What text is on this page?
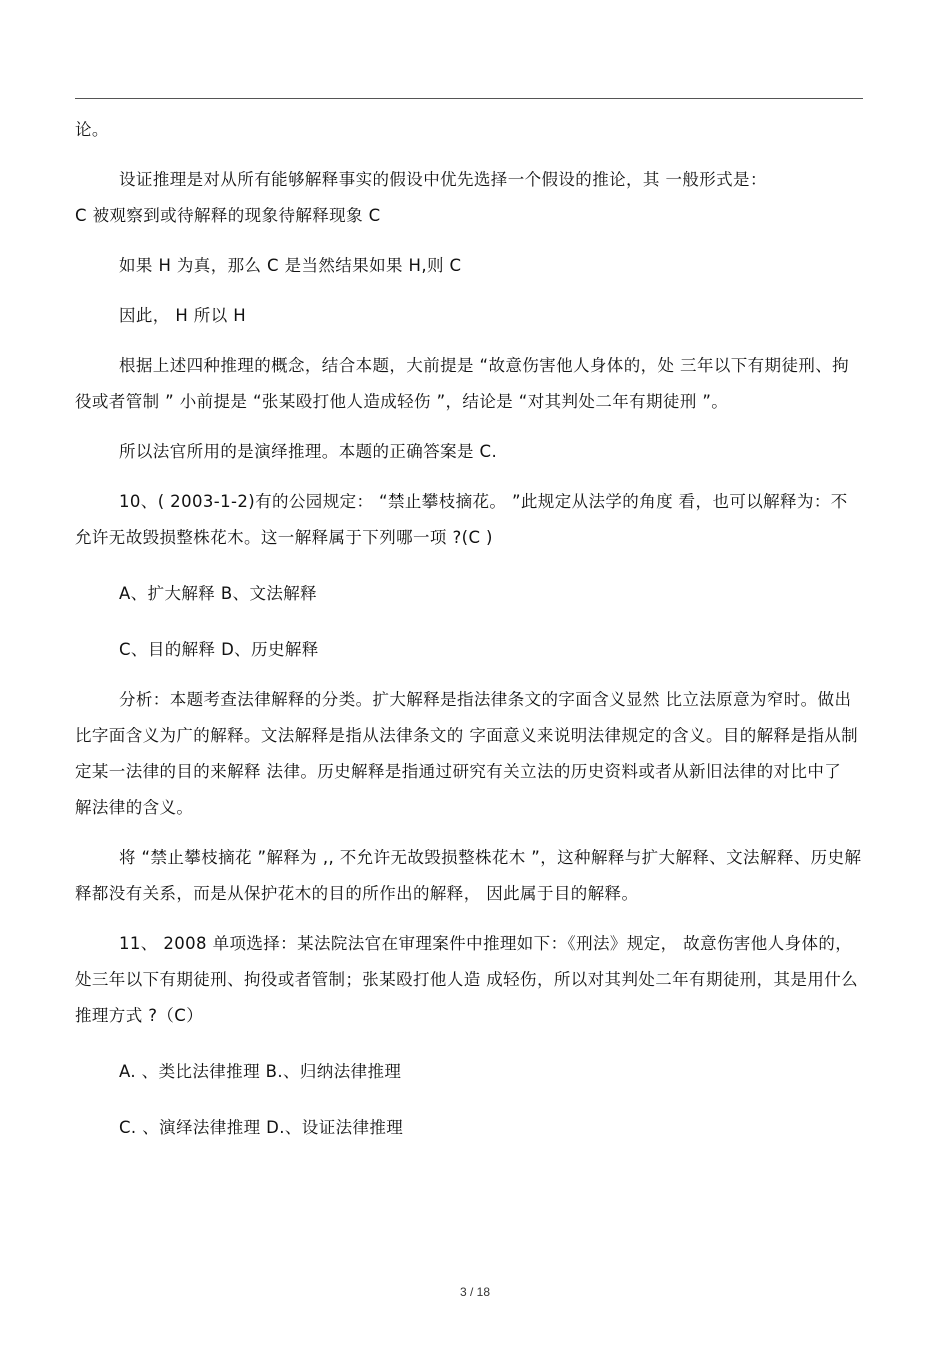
论。

设证推理是对从所有能够解释事实的假设中优先选择一个假设的推论，其 一般形式是：

C 被观察到或待解释的现象待解释现象 C

如果 H 为真，那么 C 是当然结果如果 H,则 C

因此， H 所以 H

根据上述四种推理的概念，结合本题，大前提是 “故意伤害他人身体的，处 三年以下有期徒刑、拘役或者管制 ” 小前提是 “张某殴打他人造成轻伤 ”，结论是 “对其判处二年有期徒刑 ”。

所以法官所用的是演绎推理。本题的正确答案是 C.

10、( 2003-1-2)有的公园规定： “禁止攀枝摘花。 ”此规定从法学的角度 看，也可以解释为：不允许无故毁损整株花木。这一解释属于下列哪一项 ?(C )

A、扩大解释 B、文法解释

C、目的解释 D、历史解释

分析：本题考查法律解释的分类。扩大解释是指法律条文的字面含义显然 比立法原意为窄时。做出比字面含义为广的解释。文法解释是指从法律条文的 字面意义来说明法律规定的含义。目的解释是指从制定某一法律的目的来解释 法律。历史解释是指通过研究有关立法的历史资料或者从新旧法律的对比中了 解法律的含义。

将 “禁止攀枝摘花 ”解释为 ,, 不允许无故毁损整株花木 ”，这种解释与扩大解释、文法解释、历史解释都没有关系，而是从保护花木的目的所作出的解释， 因此属于目的解释。

11、 2008 单项选择：某法院法官在审理案件中推理如下：《刑法》规定， 故意伤害他人身体的，处三年以下有期徒刑、拘役或者管制；张某殴打他人造 成轻伤，所以对其判处二年有期徒刑，其是用什么推理方式 ?（C）

A. 、类比法律推理 B.、归纳法律推理

C. 、演绎法律推理 D.、设证法律推理

3 / 18
